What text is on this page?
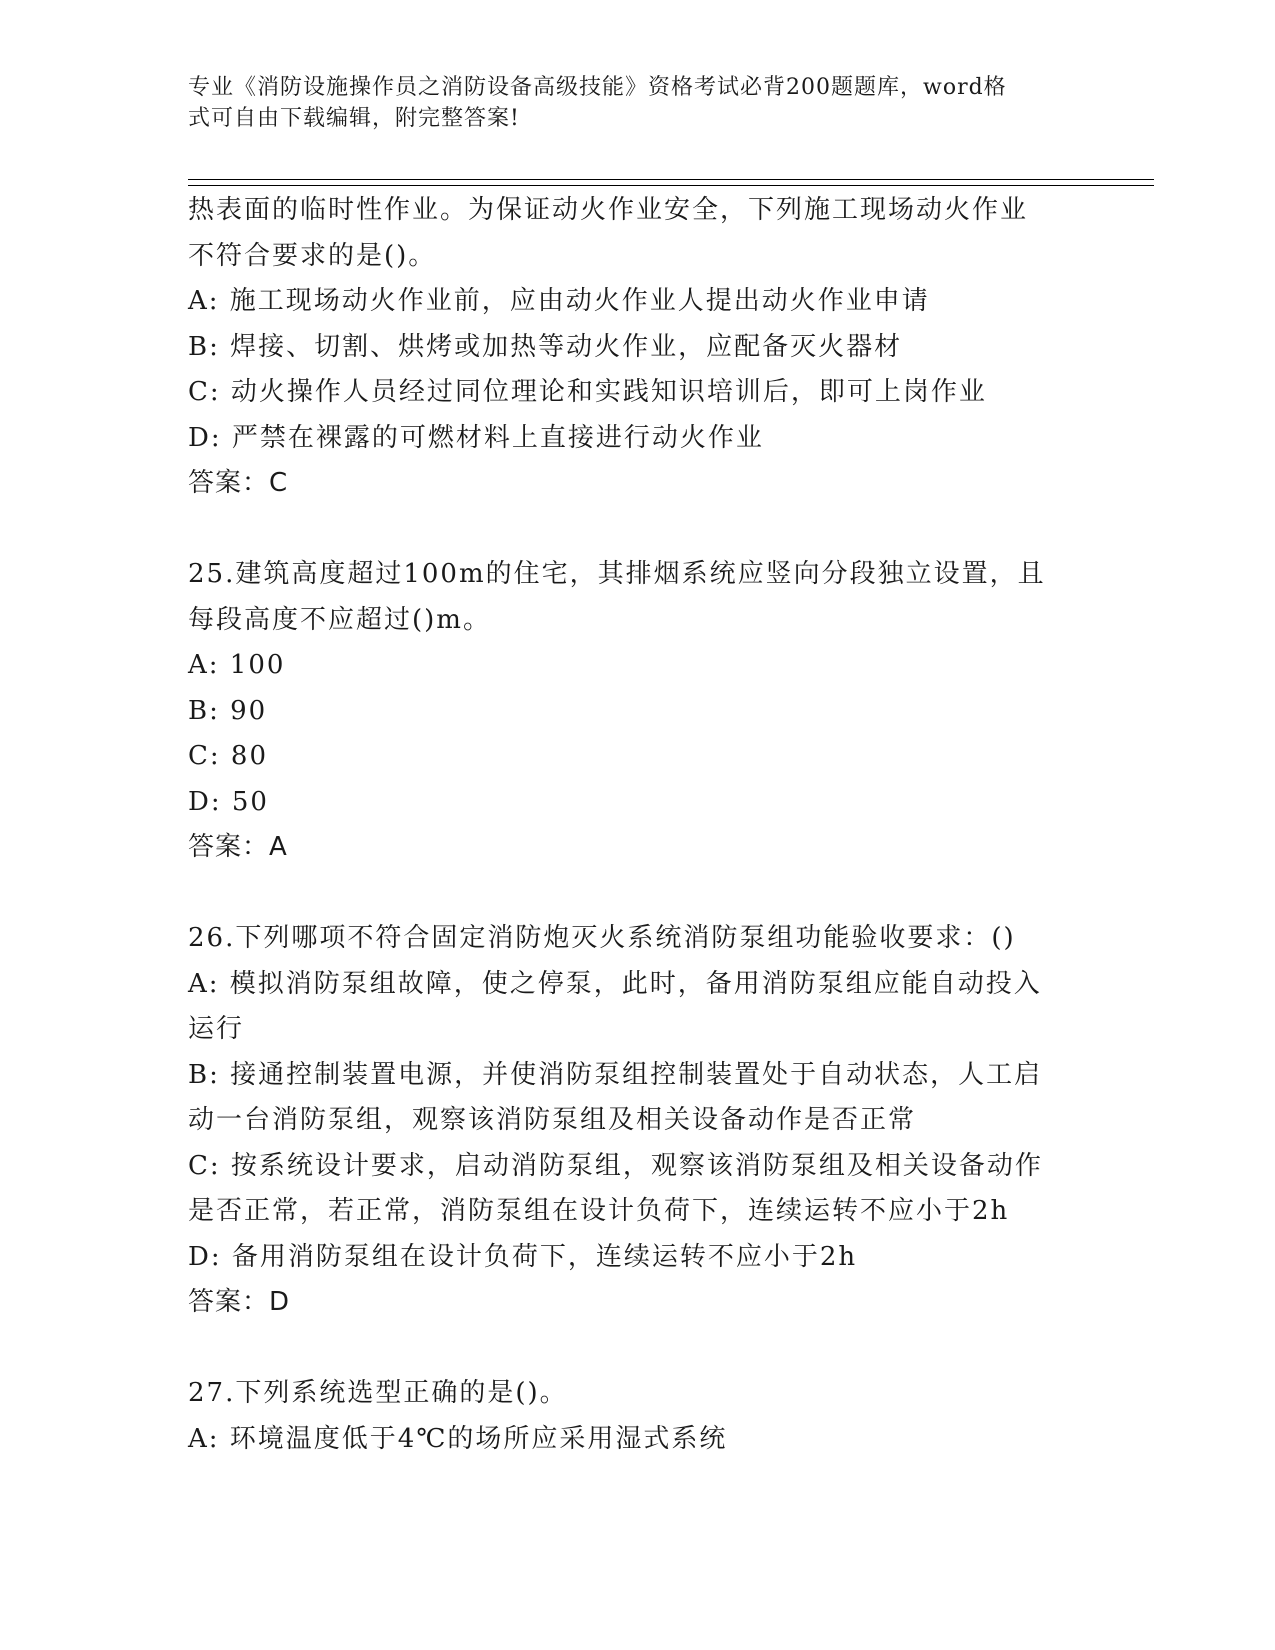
专业《消防设施操作员之消防设备高级技能》资格考试必背200题题库，word格
式可自由下载编辑，附完整答案!

热表面的临时性作业。为保证动火作业安全，下列施工现场动火作业

不符合要求的是()。

A: 施工现场动火作业前，应由动火作业人提出动火作业申请

B: 焊接、切割、烘烤或加热等动火作业，应配备灭火器材

C: 动火操作人员经过同位理论和实践知识培训后，即可上岗作业

D: 严禁在裸露的可燃材料上直接进行动火作业

答案：C

25.建筑高度超过100m的住宅，其排烟系统应竖向分段独立设置，且

每段高度不应超过()m。

A: 100

B: 90

C: 80

D: 50

答案：A

26.下列哪项不符合固定消防炮灭火系统消防泵组功能验收要求：()

A: 模拟消防泵组故障，使之停泵，此时，备用消防泵组应能自动投入

运行

B: 接通控制装置电源，并使消防泵组控制装置处于自动状态，人工启

动一台消防泵组，观察该消防泵组及相关设备动作是否正常

C: 按系统设计要求，启动消防泵组，观察该消防泵组及相关设备动作

是否正常，若正常，消防泵组在设计负荷下，连续运转不应小于2h

D: 备用消防泵组在设计负荷下，连续运转不应小于2h

答案：D

27.下列系统选型正确的是()。

A: 环境温度低于4℃的场所应采用湿式系统
